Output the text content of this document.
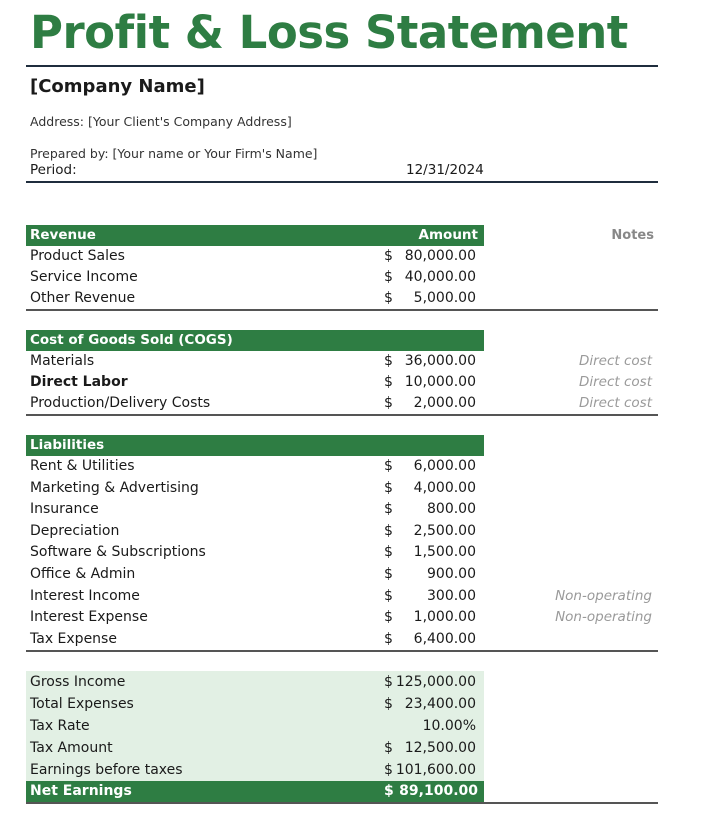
Profit & Loss Statement
[Company Name]
Address: [Your Client's Company Address]
Prepared by: [Your name or Your Firm's Name]
Period:	12/31/2024
Revenue	Amount	Notes
Product Sales	$ 80,000.00
Service Income	$ 40,000.00
Other Revenue	$ 5,000.00
Cost of Goods Sold (COGS)
Materials	$ 36,000.00	Direct cost
Direct Labor	$ 10,000.00	Direct cost
Production/Delivery Costs	$ 2,000.00	Direct cost
Liabilities
Rent & Utilities	$ 6,000.00
Marketing & Advertising	$ 4,000.00
Insurance	$ 800.00
Depreciation	$ 2,500.00
Software & Subscriptions	$ 1,500.00
Office & Admin	$ 900.00
Interest Income	$ 300.00	Non-operating
Interest Expense	$ 1,000.00	Non-operating
Tax Expense	$ 6,400.00
Gross Income	$ 125,000.00
Total Expenses	$ 23,400.00
Tax Rate	10.00%
Tax Amount	$ 12,500.00
Earnings before taxes	$ 101,600.00
Net Earnings	$ 89,100.00
